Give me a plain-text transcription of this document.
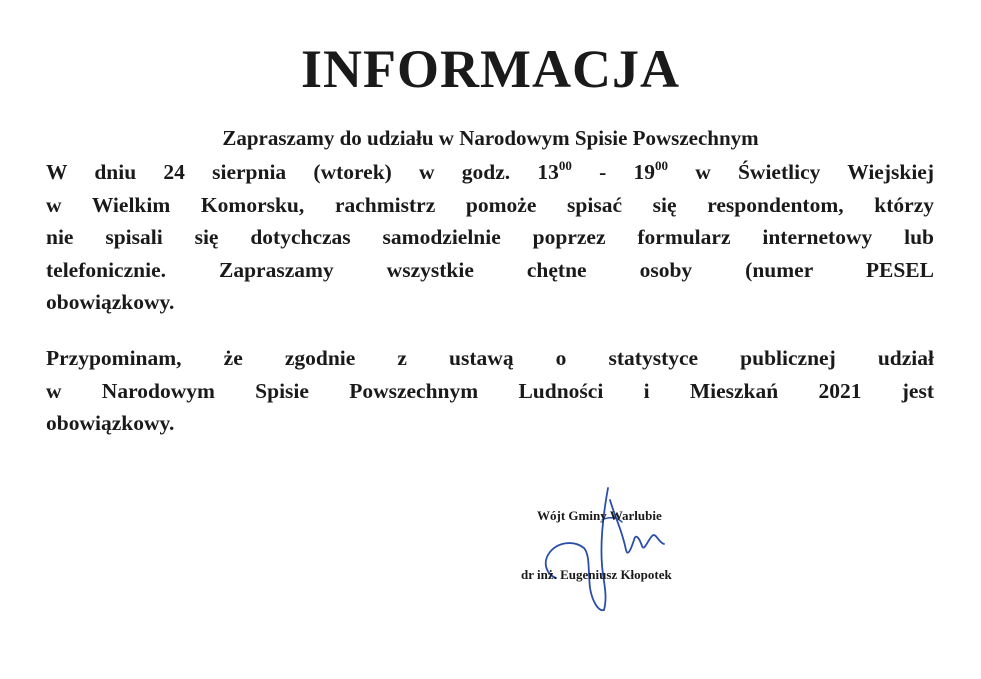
INFORMACJA
Zapraszamy do udziału w Narodowym Spisie Powszechnym
W dniu 24 sierpnia (wtorek) w godz. $13^{00} - 19^{00}$ w Świetlicy Wiejskiej
w Wielkim Komorsku, rachmistrz pomoże spisać się respondentom, którzy
nie spisali się dotychczas samodzielnie poprzez formularz internetowy lub
telefonicznie. Zapraszamy wszystkie chętne osoby (numer PESEL
obowiązkowy.
Przypominam, że zgodnie z ustawą o statystyce publicznej udział
w Narodowym Spisie Powszechnym Ludności i Mieszkań 2021 jest
obowiązkowy.
Wójt Gminy Warlubie
dr inż. Eugeniusz Kłopotek
